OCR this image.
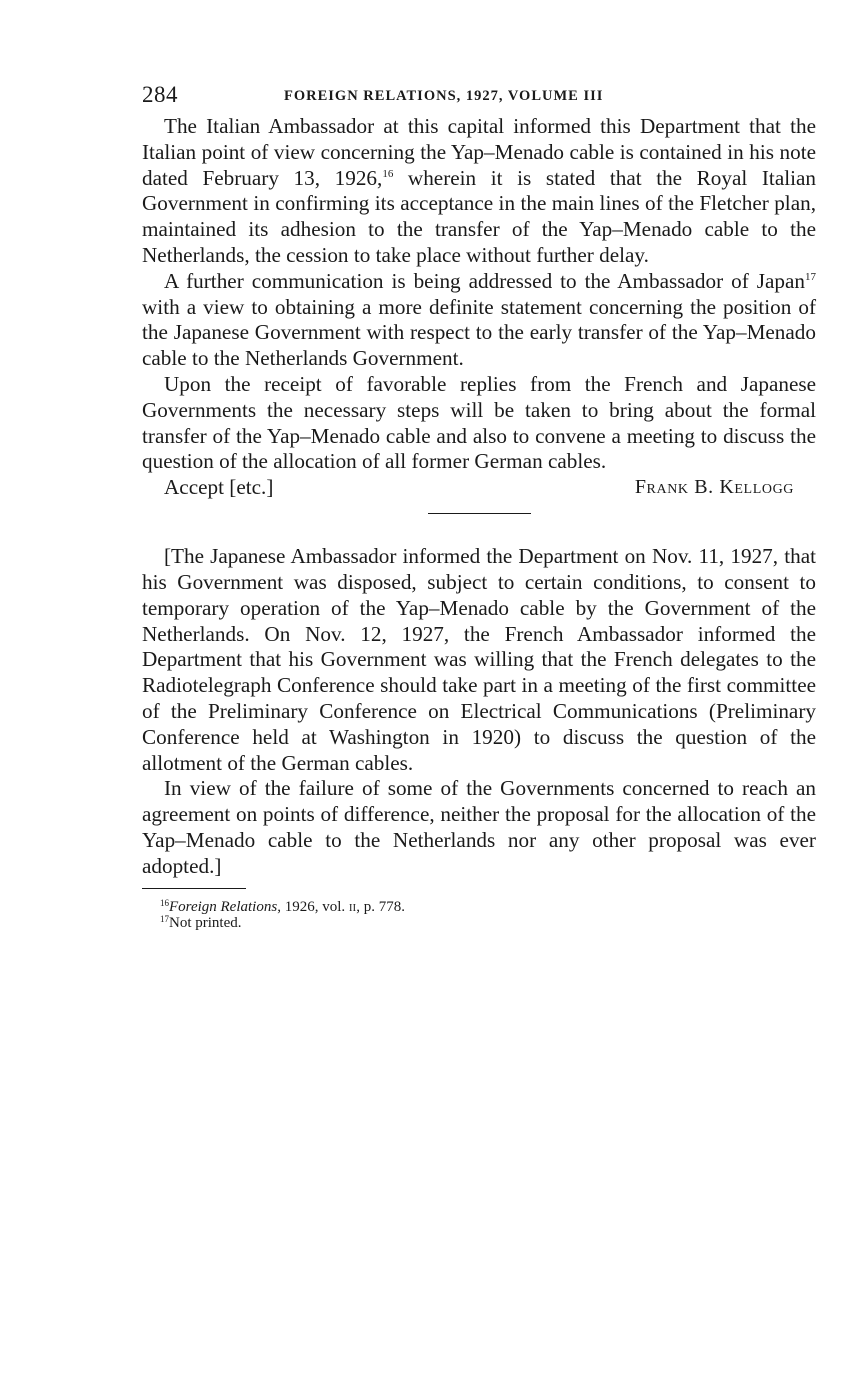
284	FOREIGN RELATIONS, 1927, VOLUME III

The Italian Ambassador at this capital informed this Department that the Italian point of view concerning the Yap–Menado cable is contained in his note dated February 13, 1926,16 wherein it is stated that the Royal Italian Government in confirming its acceptance in the main lines of the Fletcher plan, maintained its adhesion to the transfer of the Yap–Menado cable to the Netherlands, the cession to take place without further delay.

A further communication is being addressed to the Ambassador of Japan$^{17}$ with a view to obtaining a more definite statement concerning the position of the Japanese Government with respect to the early transfer of the Yap–Menado cable to the Netherlands Government.

Upon the receipt of favorable replies from the French and Japanese Governments the necessary steps will be taken to bring about the formal transfer of the Yap–Menado cable and also to convene a meeting to discuss the question of the allocation of all former German cables.

Accept [etc.]	Frank B. Kellogg

[The Japanese Ambassador informed the Department on Nov. 11, 1927, that his Government was disposed, subject to certain conditions, to consent to temporary operation of the Yap–Menado cable by the Government of the Netherlands. On Nov. 12, 1927, the French Ambassador informed the Department that his Government was willing that the French delegates to the Radiotelegraph Conference should take part in a meeting of the first committee of the Preliminary Conference on Electrical Communications (Preliminary Conference held at Washington in 1920) to discuss the question of the allotment of the German cables.

In view of the failure of some of the Governments concerned to reach an agreement on points of difference, neither the proposal for the allocation of the Yap–Menado cable to the Netherlands nor any other proposal was ever adopted.]

$^{16}$Foreign Relations, 1926, vol. ii, p. 778.
$^{17}$Not printed.
